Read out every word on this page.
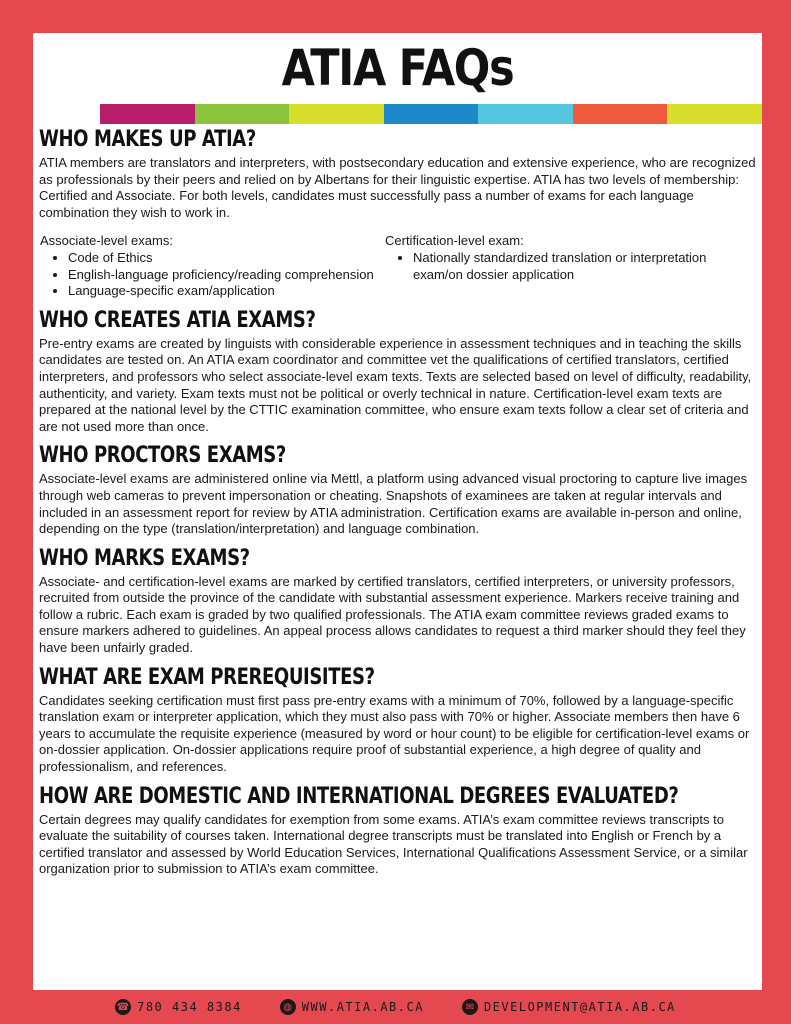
ATIA FAQs
WHO MAKES UP ATIA?

ATIA members are translators and interpreters, with postsecondary education and extensive experience, who are recognized as professionals by their peers and relied on by Albertans for their linguistic expertise. ATIA has two levels of membership: Certified and Associate. For both levels, candidates must successfully pass a number of exams for each language combination they wish to work in.

Associate-level exams:
• Code of Ethics
• English-language proficiency/reading comprehension
• Language-specific exam/application
Certification-level exam:
• Nationally standardized translation or interpretation exam/on dossier application
WHO CREATES ATIA EXAMS?

Pre-entry exams are created by linguists with considerable experience in assessment techniques and in teaching the skills candidates are tested on. An ATIA exam coordinator and committee vet the qualifications of certified translators, certified interpreters, and professors who select associate-level exam texts. Texts are selected based on level of difficulty, readability, authenticity, and variety. Exam texts must not be political or overly technical in nature. Certification-level exam texts are prepared at the national level by the CTTIC examination committee, who ensure exam texts follow a clear set of criteria and are not used more than once.

WHO PROCTORS EXAMS?

Associate-level exams are administered online via Mettl, a platform using advanced visual proctoring to capture live images through web cameras to prevent impersonation or cheating. Snapshots of examinees are taken at regular intervals and included in an assessment report for review by ATIA administration. Certification exams are available in-person and online, depending on the type (translation/interpretation) and language combination.

WHO MARKS EXAMS?

Associate- and certification-level exams are marked by certified translators, certified interpreters, or university professors, recruited from outside the province of the candidate with substantial assessment experience. Markers receive training and follow a rubric. Each exam is graded by two qualified professionals. The ATIA exam committee reviews graded exams to ensure markers adhered to guidelines. An appeal process allows candidates to request a third marker should they feel they have been unfairly graded.

WHAT ARE EXAM PREREQUISITES?

Candidates seeking certification must first pass pre-entry exams with a minimum of 70%, followed by a language-specific translation exam or interpreter application, which they must also pass with 70% or higher. Associate members then have 6 years to accumulate the requisite experience (measured by word or hour count) to be eligible for certification-level exams or on-dossier application. On-dossier applications require proof of substantial experience, a high degree of quality and professionalism, and references.

HOW ARE DOMESTIC AND INTERNATIONAL DEGREES EVALUATED?

Certain degrees may qualify candidates for exemption from some exams. ATIA’s exam committee reviews transcripts to evaluate the suitability of courses taken. International degree transcripts must be translated into English or French by a certified translator and assessed by World Education Services, International Qualifications Assessment Service, or a similar organization prior to submission to ATIA’s exam committee.

☎ 780 434 8384	◍ WWW.ATIA.AB.CA	✉ DEVELOPMENT@ATIA.AB.CA
